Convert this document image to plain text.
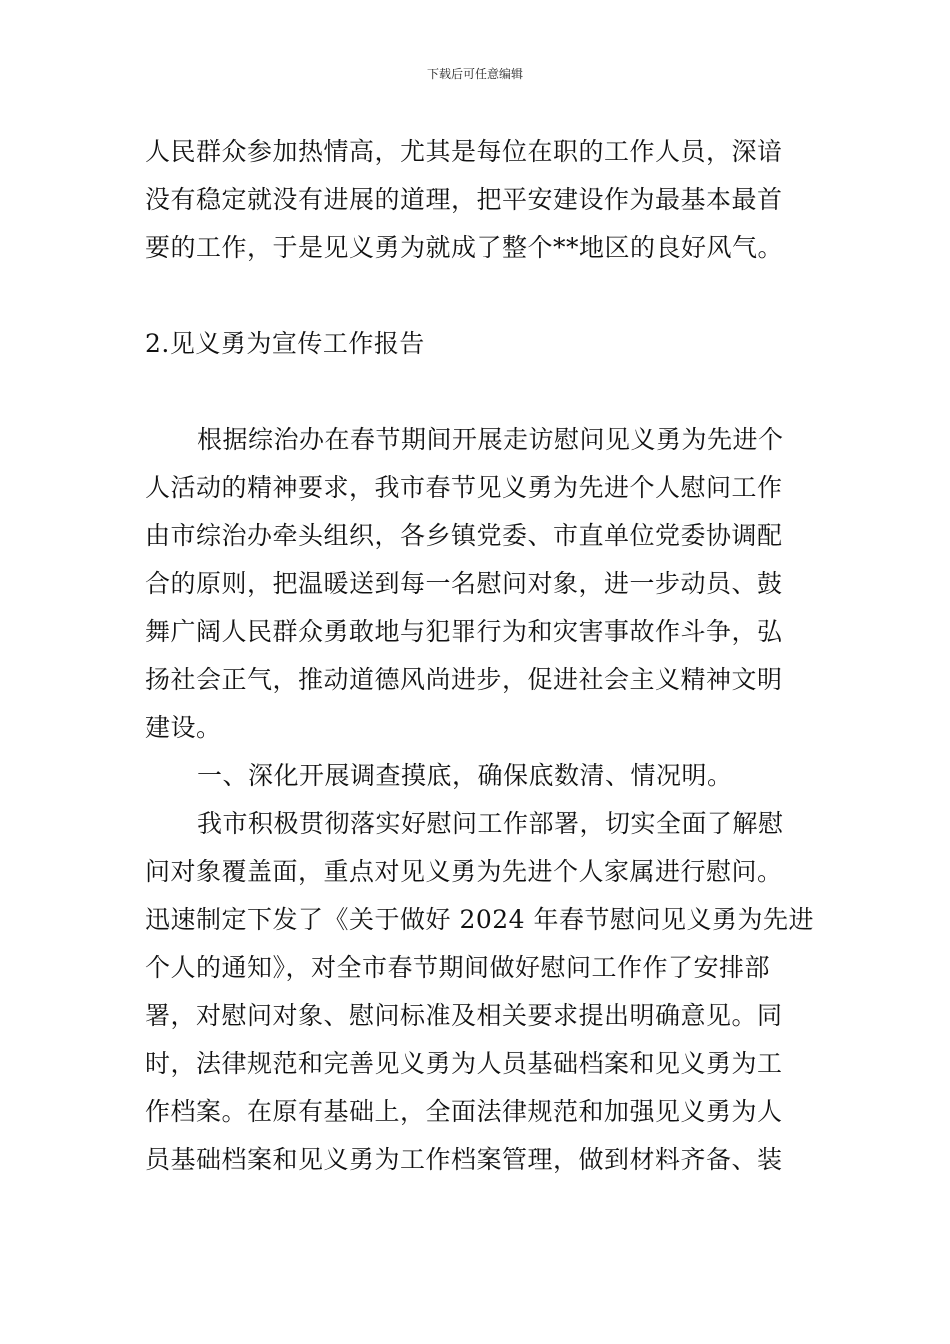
下载后可任意编辑
人民群众参加热情高，尤其是每位在职的工作人员，深谙
没有稳定就没有进展的道理，把平安建设作为最基本最首
要的工作，于是见义勇为就成了整个**地区的良好风气。
2.见义勇为宣传工作报告
根据综治办在春节期间开展走访慰问见义勇为先进个
人活动的精神要求，我市春节见义勇为先进个人慰问工作
由市综治办牵头组织，各乡镇党委、市直单位党委协调配
合的原则，把温暖送到每一名慰问对象，进一步动员、鼓
舞广阔人民群众勇敢地与犯罪行为和灾害事故作斗争，弘
扬社会正气，推动道德风尚进步，促进社会主义精神文明
建设。
一、深化开展调查摸底，确保底数清、情况明。
我市积极贯彻落实好慰问工作部署，切实全面了解慰
问对象覆盖面，重点对见义勇为先进个人家属进行慰问。
迅速制定下发了《关于做好 2024 年春节慰问见义勇为先进
个人的通知》，对全市春节期间做好慰问工作作了安排部
署，对慰问对象、慰问标准及相关要求提出明确意见。同
时，法律规范和完善见义勇为人员基础档案和见义勇为工
作档案。在原有基础上，全面法律规范和加强见义勇为人
员基础档案和见义勇为工作档案管理，做到材料齐备、装
